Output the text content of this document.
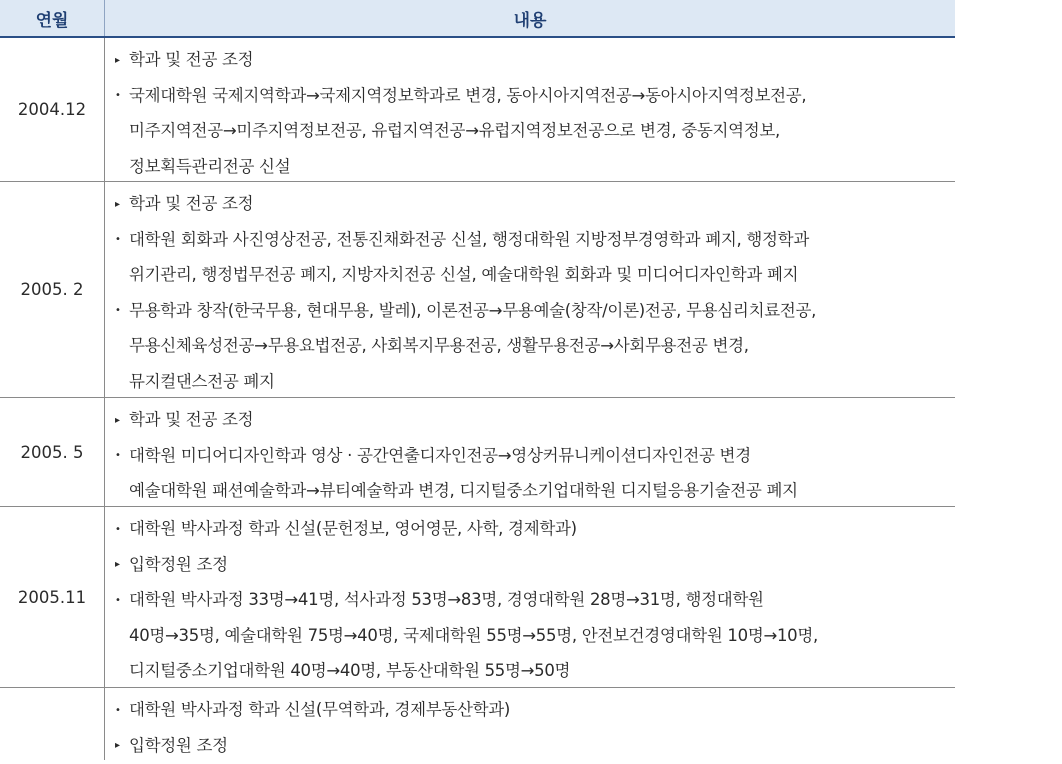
연월	내용
2004.12
▸ 학과 및 전공 조정
• 국제대학원 국제지역학과→국제지역정보학과로 변경, 동아시아지역전공→동아시아지역정보전공,
미주지역전공→미주지역정보전공, 유럽지역전공→유럽지역정보전공으로 변경, 중동지역정보,
정보획득관리전공 신설
2005. 2
▸ 학과 및 전공 조정
• 대학원 회화과 사진영상전공, 전통진채화전공 신설, 행정대학원 지방정부경영학과 폐지, 행정학과
위기관리, 행정법무전공 폐지, 지방자치전공 신설, 예술대학원 회화과 및 미디어디자인학과 폐지
• 무용학과 창작(한국무용, 현대무용, 발레), 이론전공→무용예술(창작/이론)전공, 무용심리치료전공,
무용신체육성전공→무용요법전공, 사회복지무용전공, 생활무용전공→사회무용전공 변경,
뮤지컬댄스전공 폐지
2005. 5
▸ 학과 및 전공 조정
• 대학원 미디어디자인학과 영상 · 공간연출디자인전공→영상커뮤니케이션디자인전공 변경
예술대학원 패션예술학과→뷰티예술학과 변경, 디지털중소기업대학원 디지털응용기술전공 폐지
2005.11
• 대학원 박사과정 학과 신설(문헌정보, 영어영문, 사학, 경제학과)
▸ 입학정원 조정
• 대학원 박사과정 33명→41명, 석사과정 53명→83명, 경영대학원 28명→31명, 행정대학원
40명→35명, 예술대학원 75명→40명, 국제대학원 55명→55명, 안전보건경영대학원 10명→10명,
디지털중소기업대학원 40명→40명, 부동산대학원 55명→50명
• 대학원 박사과정 학과 신설(무역학과, 경제부동산학과)
▸ 입학정원 조정
